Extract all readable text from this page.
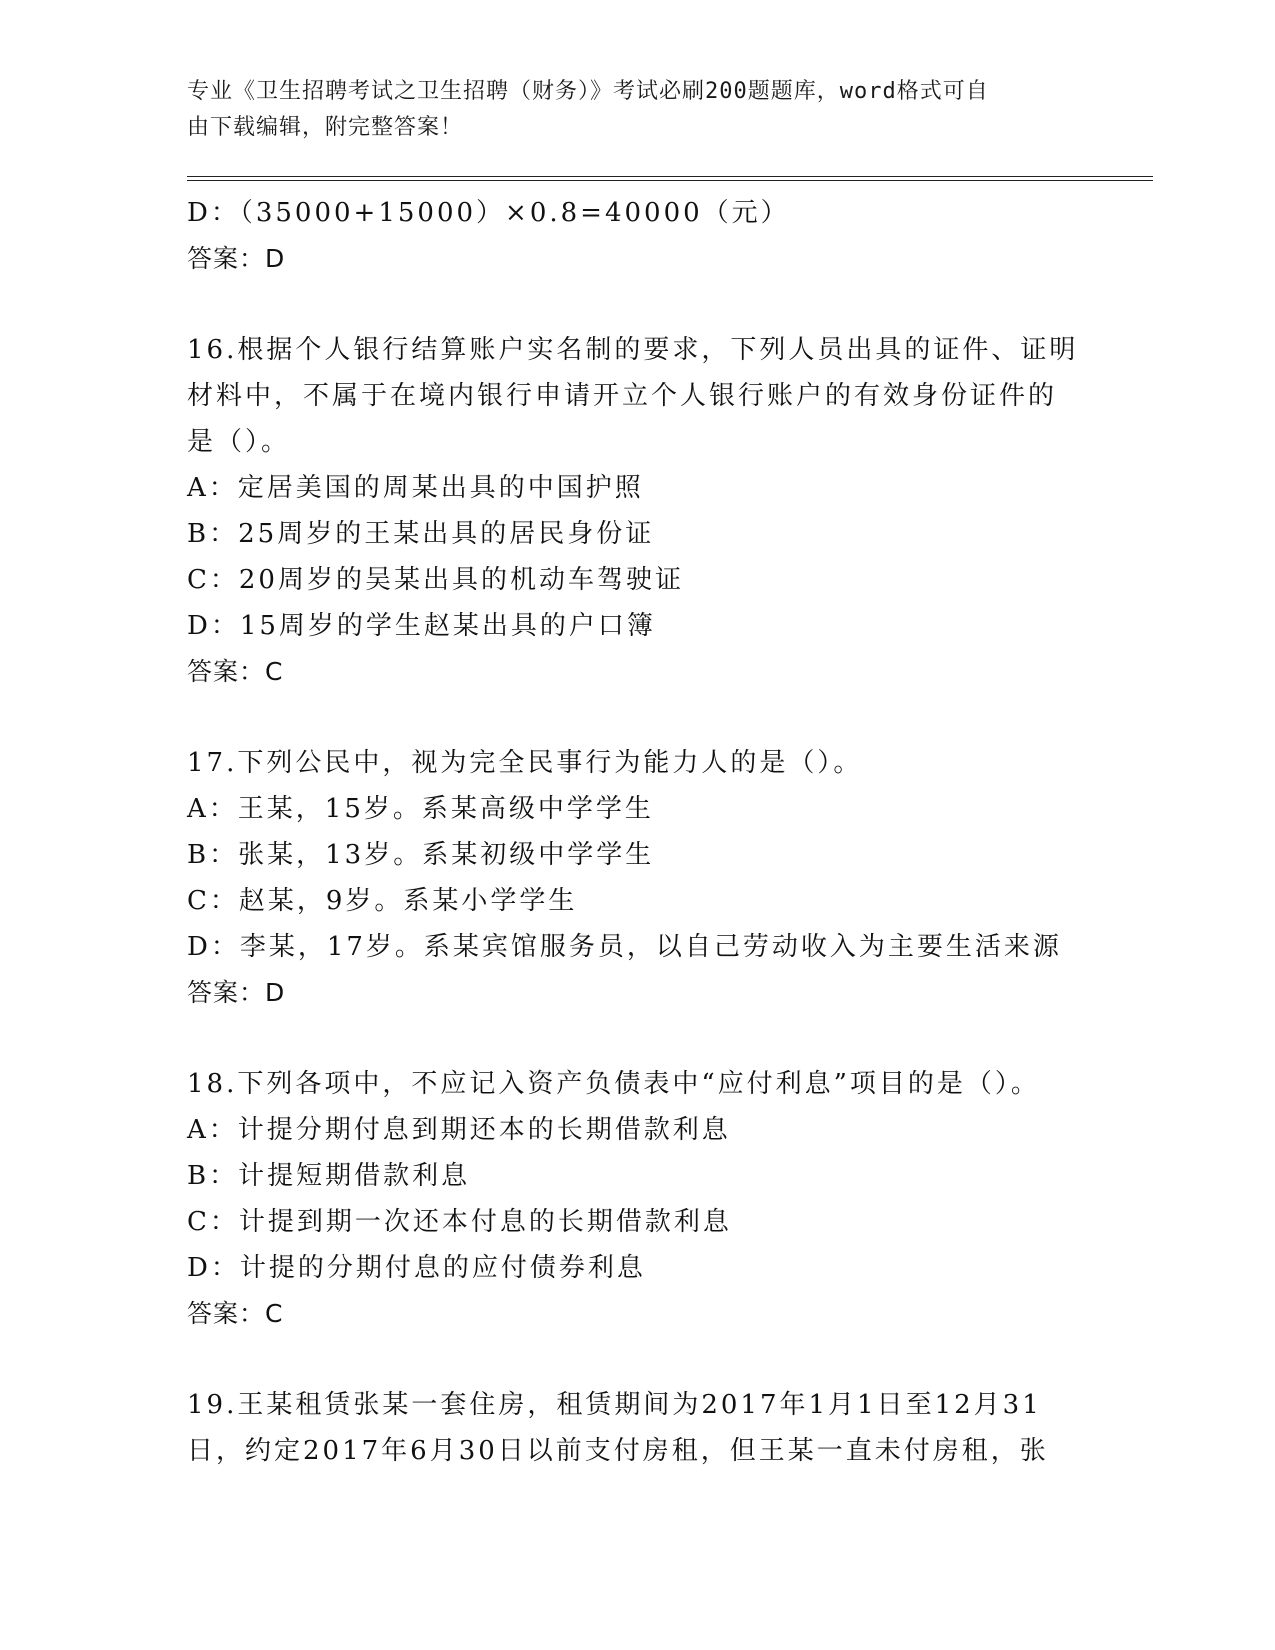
专业《卫生招聘考试之卫生招聘（财务）》考试必刷200题题库，word格式可自
由下载编辑，附完整答案！
D：（35000+15000）×0.8=40000（元）
答案：D
16.根据个人银行结算账户实名制的要求，下列人员出具的证件、证明
材料中，不属于在境内银行申请开立个人银行账户的有效身份证件的
是（）。
A：定居美国的周某出具的中国护照
B：25周岁的王某出具的居民身份证
C：20周岁的吴某出具的机动车驾驶证
D：15周岁的学生赵某出具的户口簿
答案：C
17.下列公民中，视为完全民事行为能力人的是（）。
A：王某，15岁。系某高级中学学生
B：张某，13岁。系某初级中学学生
C：赵某，9岁。系某小学学生
D：李某，17岁。系某宾馆服务员，以自己劳动收入为主要生活来源
答案：D
18.下列各项中，不应记入资产负债表中“应付利息”项目的是（）。
A：计提分期付息到期还本的长期借款利息
B：计提短期借款利息
C：计提到期一次还本付息的长期借款利息
D：计提的分期付息的应付债券利息
答案：C
19.王某租赁张某一套住房，租赁期间为2017年1月1日至12月31
日，约定2017年6月30日以前支付房租，但王某一直未付房租，张
